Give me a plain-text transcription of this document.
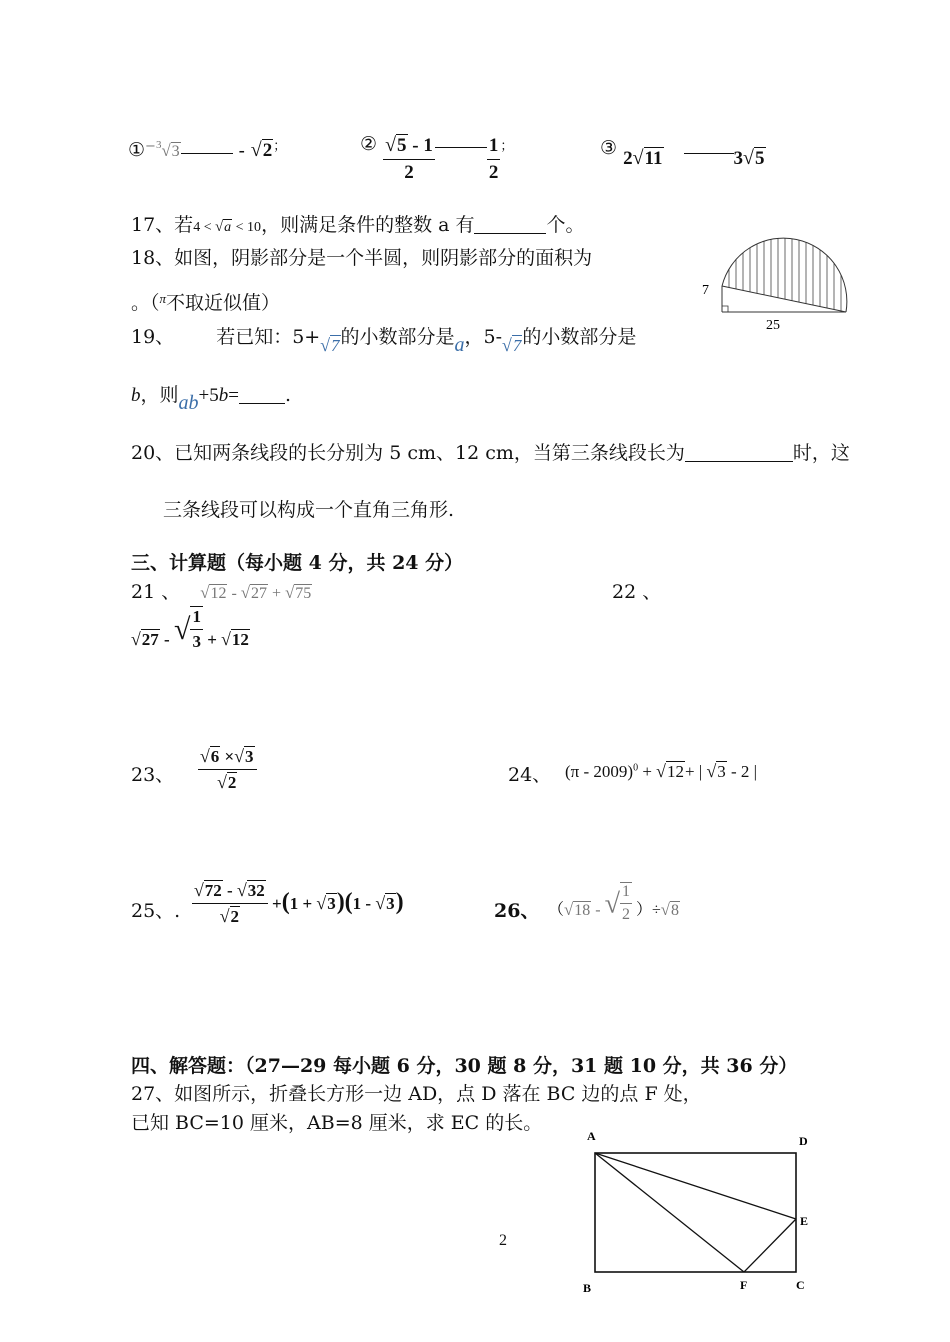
①$^{-3}$√3	- √2；	② $\frac{√5 - 1}{2}$	$\frac{1}{2} ^;$	③ 2√11	3√5
17、若4 < √a < 10，则满足条件的整数 a 有	个。
18、如图，阴影部分是一个半圆，则阴影部分的面积为
。（$^\pi$不取近似值）
7
25
19、 若已知：5+√7的小数部分是a，5-√7的小数部分是
b，则ab+5b= .
20、已知两条线段的长分别为 5 cm、12 cm，当第三条线段长为	时，这
三条线段可以构成一个直角三角形.
三、计算题（每小题 4 分，共 24 分）
21 、 √12 - √27 + √75	22 、
√27 - √ $\frac{1}{3} + √12$
23、 $\frac{√6 \times√3}{√2}$	24、 (π - 2009)$^0$ + √12+ | √3 - 2 |
25、. $\frac{√72 - √32}{√2} +(1 + √3)(1 - √3)$	26、 （√18 - √ $\frac{1}{2} )\div√8$
四、解答题：（27—29 每小题 6 分，30 题 8 分，31 题 10 分，共 36 分）
27、如图所示，折叠长方形一边 AD，点 D 落在 BC 边的点 F 处，
已知 BC=10 厘米，AB=8 厘米，求 EC 的长。
A	D
E
B	F	C
2
